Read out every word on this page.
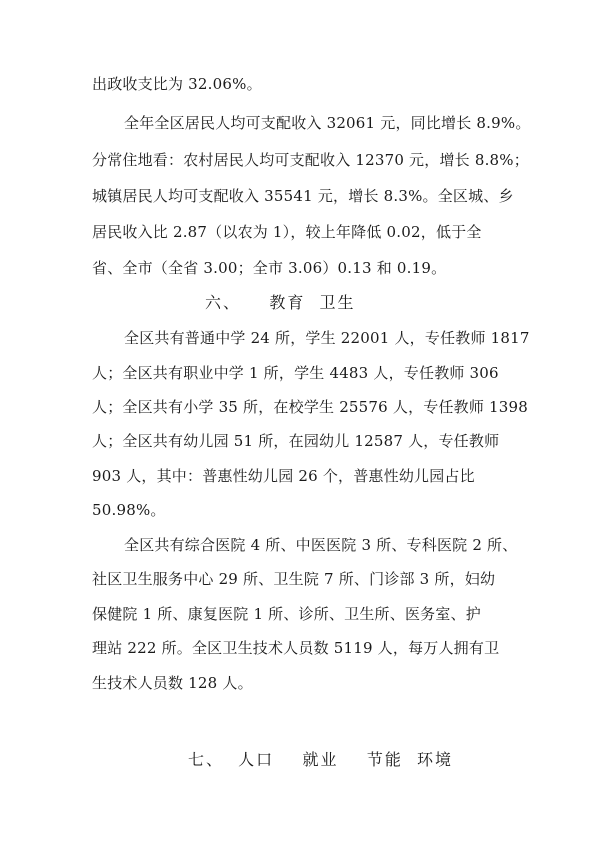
出政收支比为 32.06%。
全年全区居民人均可支配收入 32061 元，同比增长 8.9%。
分常住地看：农村居民人均可支配收入 12370 元，增长 8.8%；
城镇居民人均可支配收入 35541 元，增长 8.3%。全区城、乡
居民收入比 2.87（以农为 1），较上年降低 0.02，低于全
省、全市（全省 3.00；全市 3.06）0.13 和 0.19。
六、    教育  卫生
全区共有普通中学 24 所，学生 22001 人，专任教师 1817
人；全区共有职业中学 1 所，学生 4483 人，专任教师 306
人；全区共有小学 35 所，在校学生 25576 人，专任教师 1398
人；全区共有幼儿园 51 所，在园幼儿 12587 人，专任教师
903 人，其中：普惠性幼儿园 26 个，普惠性幼儿园占比
50.98%。
全区共有综合医院 4 所、中医医院 3 所、专科医院 2 所、
社区卫生服务中心 29 所、卫生院 7 所、门诊部 3 所，妇幼
保健院 1 所、康复医院 1 所、诊所、卫生所、医务室、护
理站 222 所。全区卫生技术人员数 5119 人，每万人拥有卫
生技术人员数 128 人。
七、  人口    就业    节能  环境
